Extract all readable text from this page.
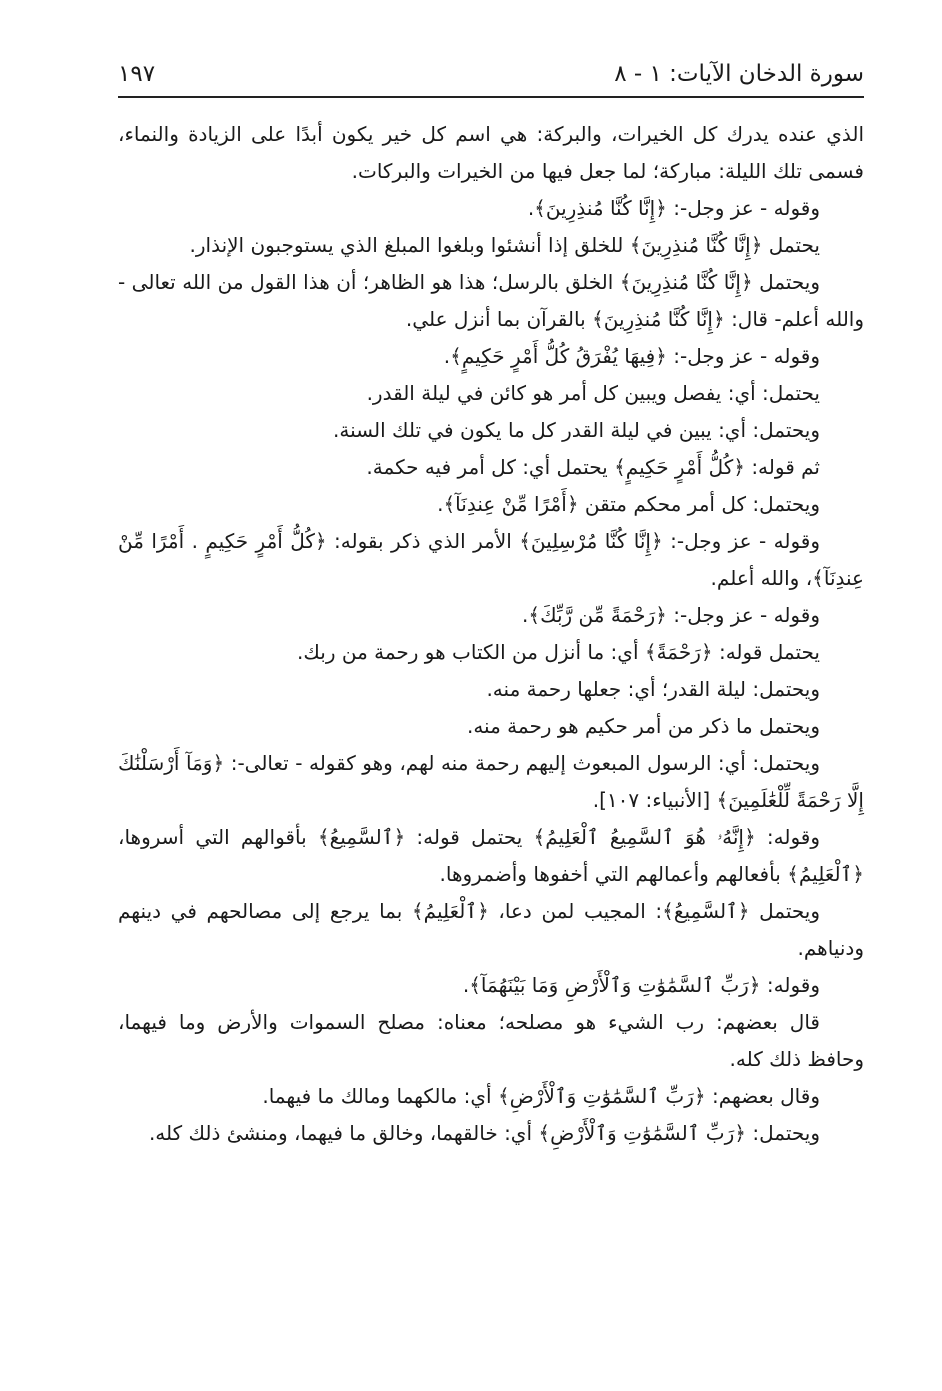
سورة الدخان الآيات: ١ - ٨
١٩٧

الذي عنده يدرك كل الخيرات، والبركة: هي اسم كل خير يكون أبدًا على الزيادة والنماء، فسمى تلك الليلة: مباركة؛ لما جعل فيها من الخيرات والبركات.

وقوله - عز وجل-: ﴿إِنَّا كُنَّا مُنذِرِينَ﴾.

يحتمل ﴿إِنَّا كُنَّا مُنذِرِينَ﴾ للخلق إذا أنشئوا وبلغوا المبلغ الذي يستوجبون الإنذار.

ويحتمل ﴿إِنَّا كُنَّا مُنذِرِينَ﴾ الخلق بالرسل؛ هذا هو الظاهر؛ أن هذا القول من الله تعالى - والله أعلم- قال: ﴿إِنَّا كُنَّا مُنذِرِينَ﴾ بالقرآن بما أنزل علي.

وقوله - عز وجل-: ﴿فِيهَا يُفْرَقُ كُلُّ أَمْرٍ حَكِيمٍ﴾.

يحتمل: أي: يفصل ويبين كل أمر هو كائن في ليلة القدر.

ويحتمل: أي: يبين في ليلة القدر كل ما يكون في تلك السنة.

ثم قوله: ﴿كُلُّ أَمْرٍ حَكِيمٍ﴾ يحتمل أي: كل أمر فيه حكمة.

ويحتمل: كل أمر محكم متقن ﴿أَمْرًا مِّنْ عِندِنَآ﴾.

وقوله - عز وجل-: ﴿إِنَّا كُنَّا مُرْسِلِينَ﴾ الأمر الذي ذكر بقوله: ﴿كُلُّ أَمْرٍ حَكِيمٍ . أَمْرًا مِّنْ عِندِنَآ﴾، والله أعلم.

وقوله - عز وجل-: ﴿رَحْمَةً مِّن رَّبِّكَ﴾.

يحتمل قوله: ﴿رَحْمَةً﴾ أي: ما أنزل من الكتاب هو رحمة من ربك.

ويحتمل: ليلة القدر؛ أي: جعلها رحمة منه.

ويحتمل ما ذكر من أمر حكيم هو رحمة منه.

ويحتمل: أي: الرسول المبعوث إليهم رحمة منه لهم، وهو كقوله - تعالى-: ﴿وَمَآ أَرْسَلْنَٰكَ إِلَّا رَحْمَةً لِّلْعَٰلَمِينَ﴾ [الأنبياء: ١٠٧].

وقوله: ﴿إِنَّهُۥ هُوَ ٱلسَّمِيعُ ٱلْعَلِيمُ﴾ يحتمل قوله: ﴿ٱلسَّمِيعُ﴾ بأقوالهم التي أسروها، ﴿ٱلْعَلِيمُ﴾ بأفعالهم وأعمالهم التي أخفوها وأضمروها.

ويحتمل ﴿ٱلسَّمِيعُ﴾: المجيب لمن دعا، ﴿ٱلْعَلِيمُ﴾ بما يرجع إلى مصالحهم في دينهم ودنياهم.

وقوله: ﴿رَبِّ ٱلسَّمَٰوَٰتِ وَٱلْأَرْضِ وَمَا بَيْنَهُمَآ﴾.

قال بعضهم: رب الشيء هو مصلحه؛ معناه: مصلح السموات والأرض وما فيهما، وحافظ ذلك كله.

وقال بعضهم: ﴿رَبِّ ٱلسَّمَٰوَٰتِ وَٱلْأَرْضِ﴾ أي: مالكهما ومالك ما فيهما.

ويحتمل: ﴿رَبِّ ٱلسَّمَٰوَٰتِ وَٱلْأَرْضِ﴾ أي: خالقهما، وخالق ما فيهما، ومنشئ ذلك كله.
